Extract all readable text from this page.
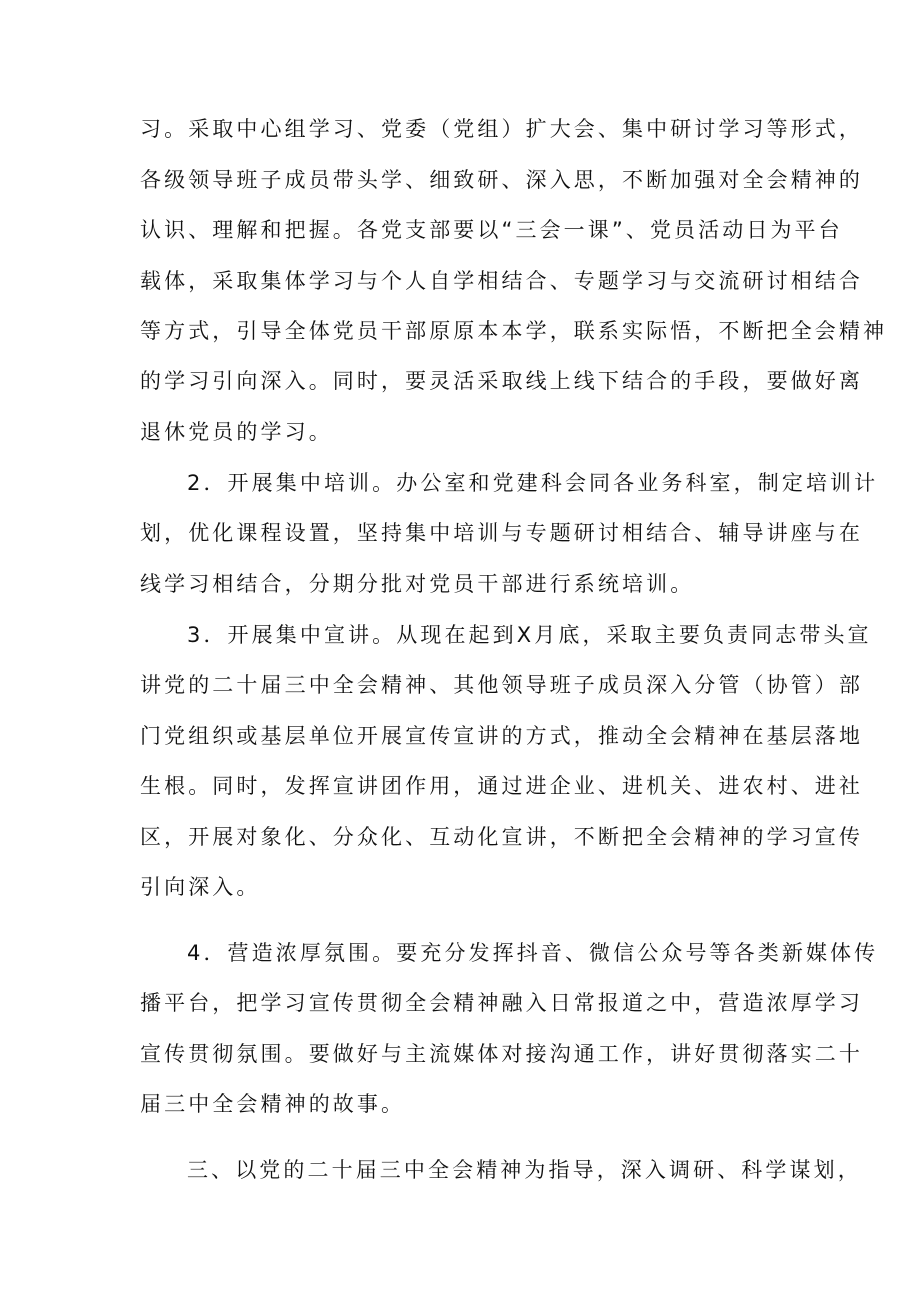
习。采取中心组学习、党委（党组）扩大会、集中研讨学习等形式，
各级领导班子成员带头学、细致研、深入思，不断加强对全会精神的
认识、理解和把握。各党支部要以“三会一课”、党员活动日为平台
载体，采取集体学习与个人自学相结合、专题学习与交流研讨相结合
等方式，引导全体党员干部原原本本学，联系实际悟，不断把全会精神
的学习引向深入。同时，要灵活采取线上线下结合的手段，要做好离
退休党员的学习。
2．开展集中培训。办公室和党建科会同各业务科室，制定培训计
划，优化课程设置，坚持集中培训与专题研讨相结合、辅导讲座与在
线学习相结合，分期分批对党员干部进行系统培训。
3．开展集中宣讲。从现在起到X月底，采取主要负责同志带头宣
讲党的二十届三中全会精神、其他领导班子成员深入分管（协管）部
门党组织或基层单位开展宣传宣讲的方式，推动全会精神在基层落地
生根。同时，发挥宣讲团作用，通过进企业、进机关、进农村、进社
区，开展对象化、分众化、互动化宣讲，不断把全会精神的学习宣传
引向深入。
4．营造浓厚氛围。要充分发挥抖音、微信公众号等各类新媒体传
播平台，把学习宣传贯彻全会精神融入日常报道之中，营造浓厚学习
宣传贯彻氛围。要做好与主流媒体对接沟通工作，讲好贯彻落实二十
届三中全会精神的故事。
三、以党的二十届三中全会精神为指导，深入调研、科学谋划，
